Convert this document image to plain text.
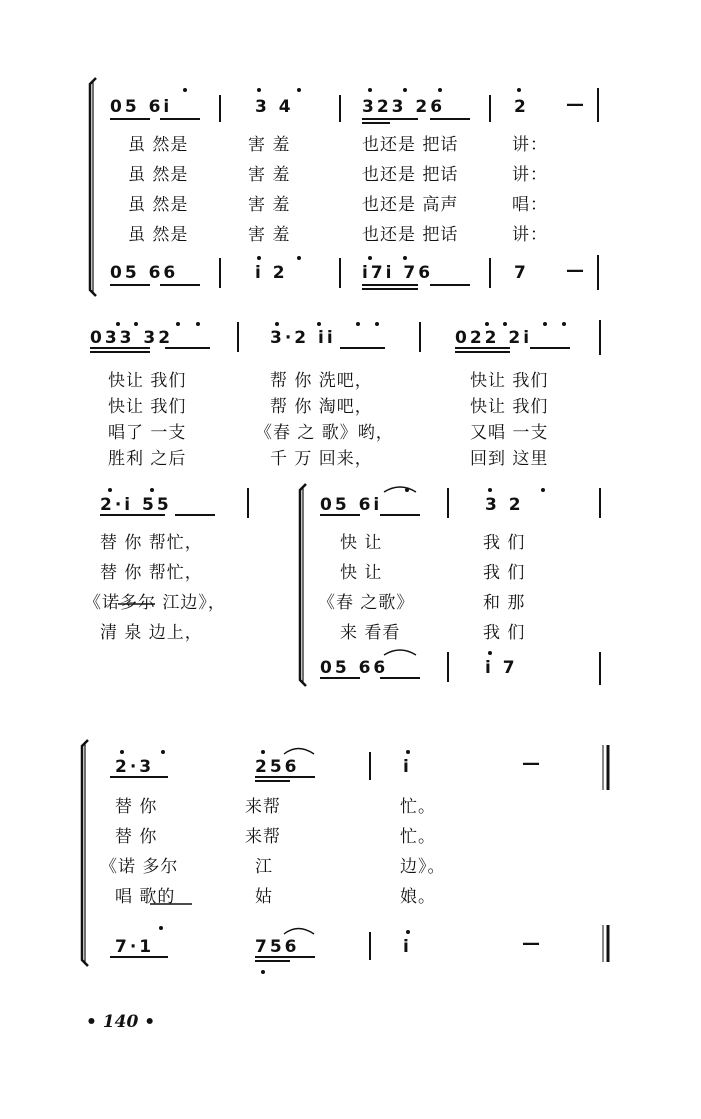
05 6i	3 4	323 26	2 —
虽 然是	害 羞	也还是 把话	讲：
虽 然是	害 羞	也还是 把话	讲：
虽 然是	害 羞	也还是 高声	唱：
虽 然是	害 羞	也还是 把话	讲：
05 66	i 2	i7i 76	7 —
033 32	3·2 ii	022 2i
快让 我们	帮 你 洗吧，	快让 我们
快让 我们	帮 你 淘吧，	快让 我们
唱了 一支	《春 之 歌》哟，	又唱 一支
胜利 之后	千 万 回来，	回到 这里
2·i 55	05 6i	3 2
替 你 帮忙，	快 让	我 们
替 你 帮忙，	快 让	我 们
《诺多尔 江边》，	《春 之歌》	和 那
清 泉 边上，	来 看看	我 们
05 66	i 7
2·3	256	i	—
替 你	来帮	忙。
替 你	来帮	忙。
《诺 多尔	江	边》。
唱 歌的	姑	娘。
7·1	756	i	—
• 140 •
